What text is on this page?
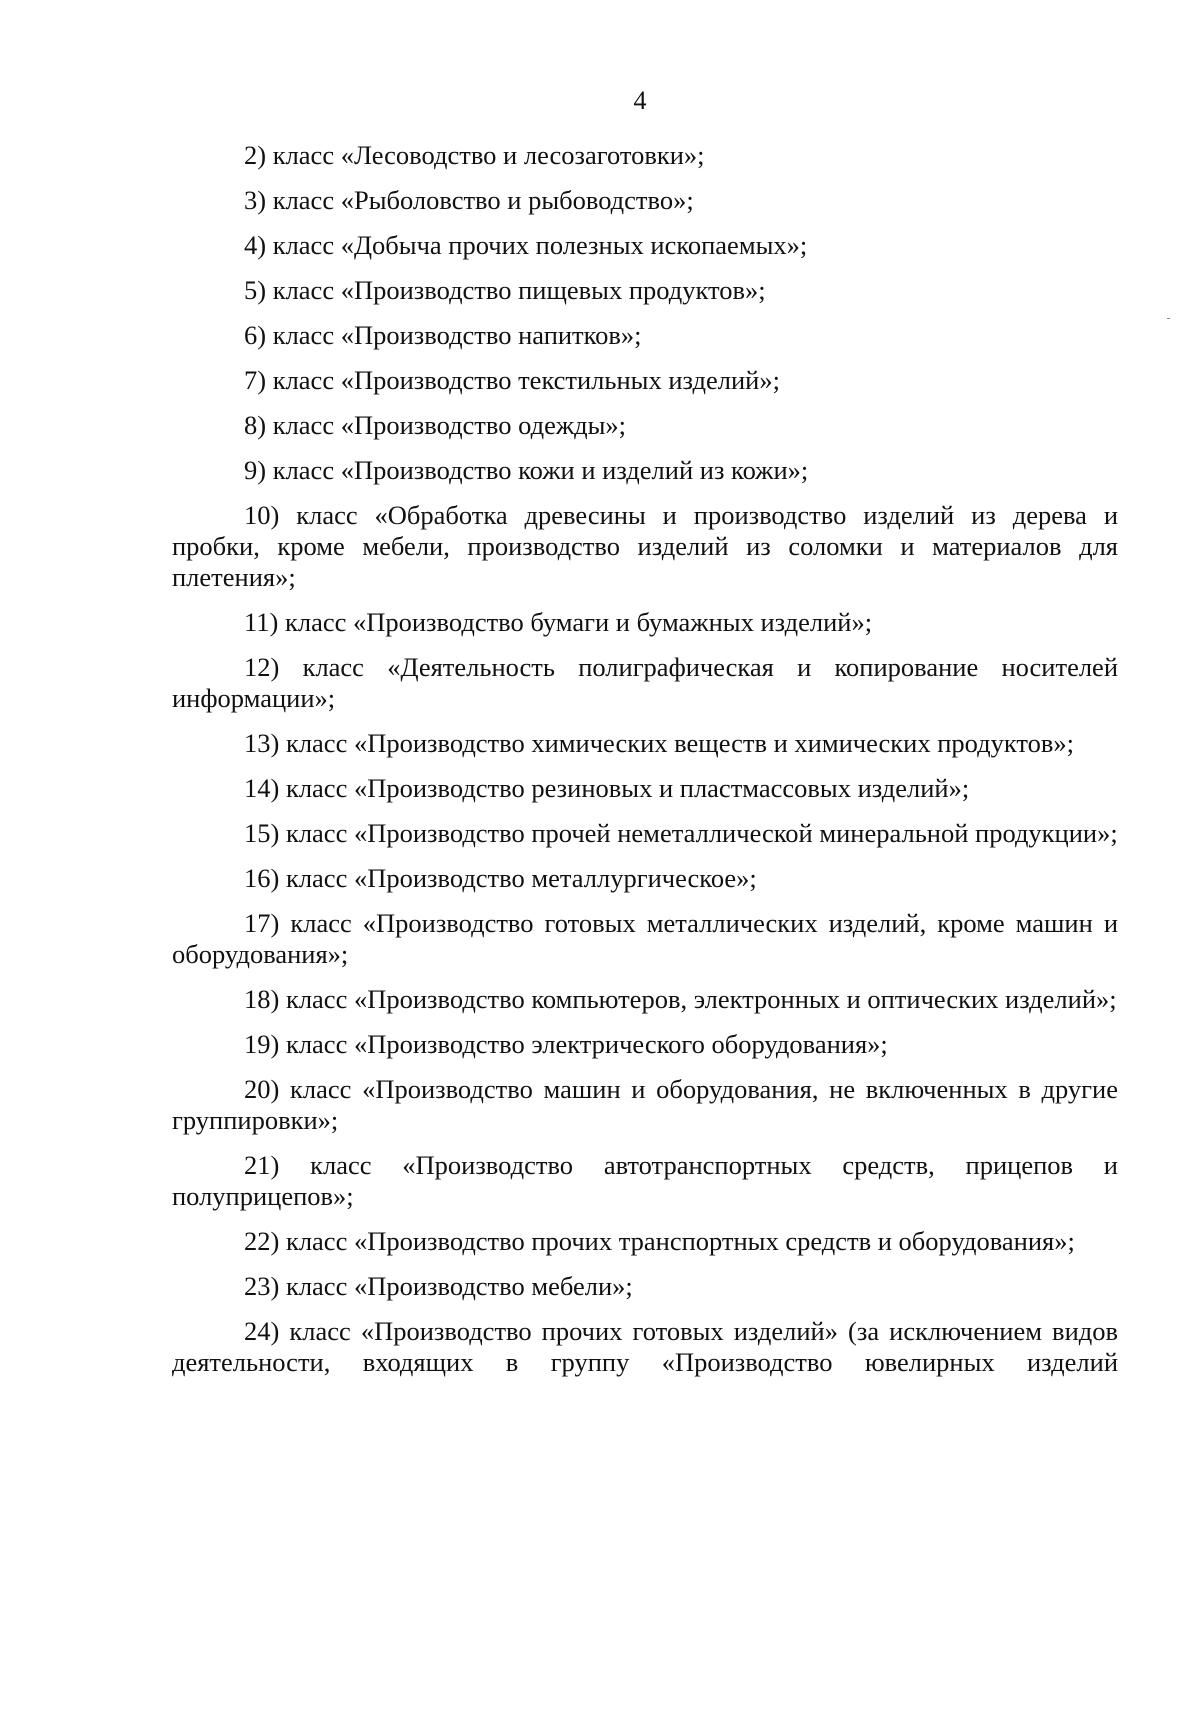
4

2) класс «Лесоводство и лесозаготовки»;

3) класс «Рыболовство и рыбоводство»;

4) класс «Добыча прочих полезных ископаемых»;

5) класс «Производство пищевых продуктов»;

6) класс «Производство напитков»;

7) класс «Производство текстильных изделий»;

8) класс «Производство одежды»;

9) класс «Производство кожи и изделий из кожи»;

10) класс «Обработка древесины и производство изделий из дерева и пробки, кроме мебели, производство изделий из соломки и материалов для плетения»;

11) класс «Производство бумаги и бумажных изделий»;

12) класс «Деятельность полиграфическая и копирование носителей информации»;

13) класс «Производство химических веществ и химических продуктов»;

14) класс «Производство резиновых и пластмассовых изделий»;

15) класс «Производство прочей неметаллической минеральной продукции»;

16) класс «Производство металлургическое»;

17) класс «Производство готовых металлических изделий, кроме машин и оборудования»;

18) класс «Производство компьютеров, электронных и оптических изделий»;

19) класс «Производство электрического оборудования»;

20) класс «Производство машин и оборудования, не включенных в другие группировки»;

21) класс «Производство автотранспортных средств, прицепов и полуприцепов»;

22) класс «Производство прочих транспортных средств и оборудования»;

23) класс «Производство мебели»;

24) класс «Производство прочих готовых изделий» (за исключением видов деятельности, входящих в группу «Производство ювелирных изделий
